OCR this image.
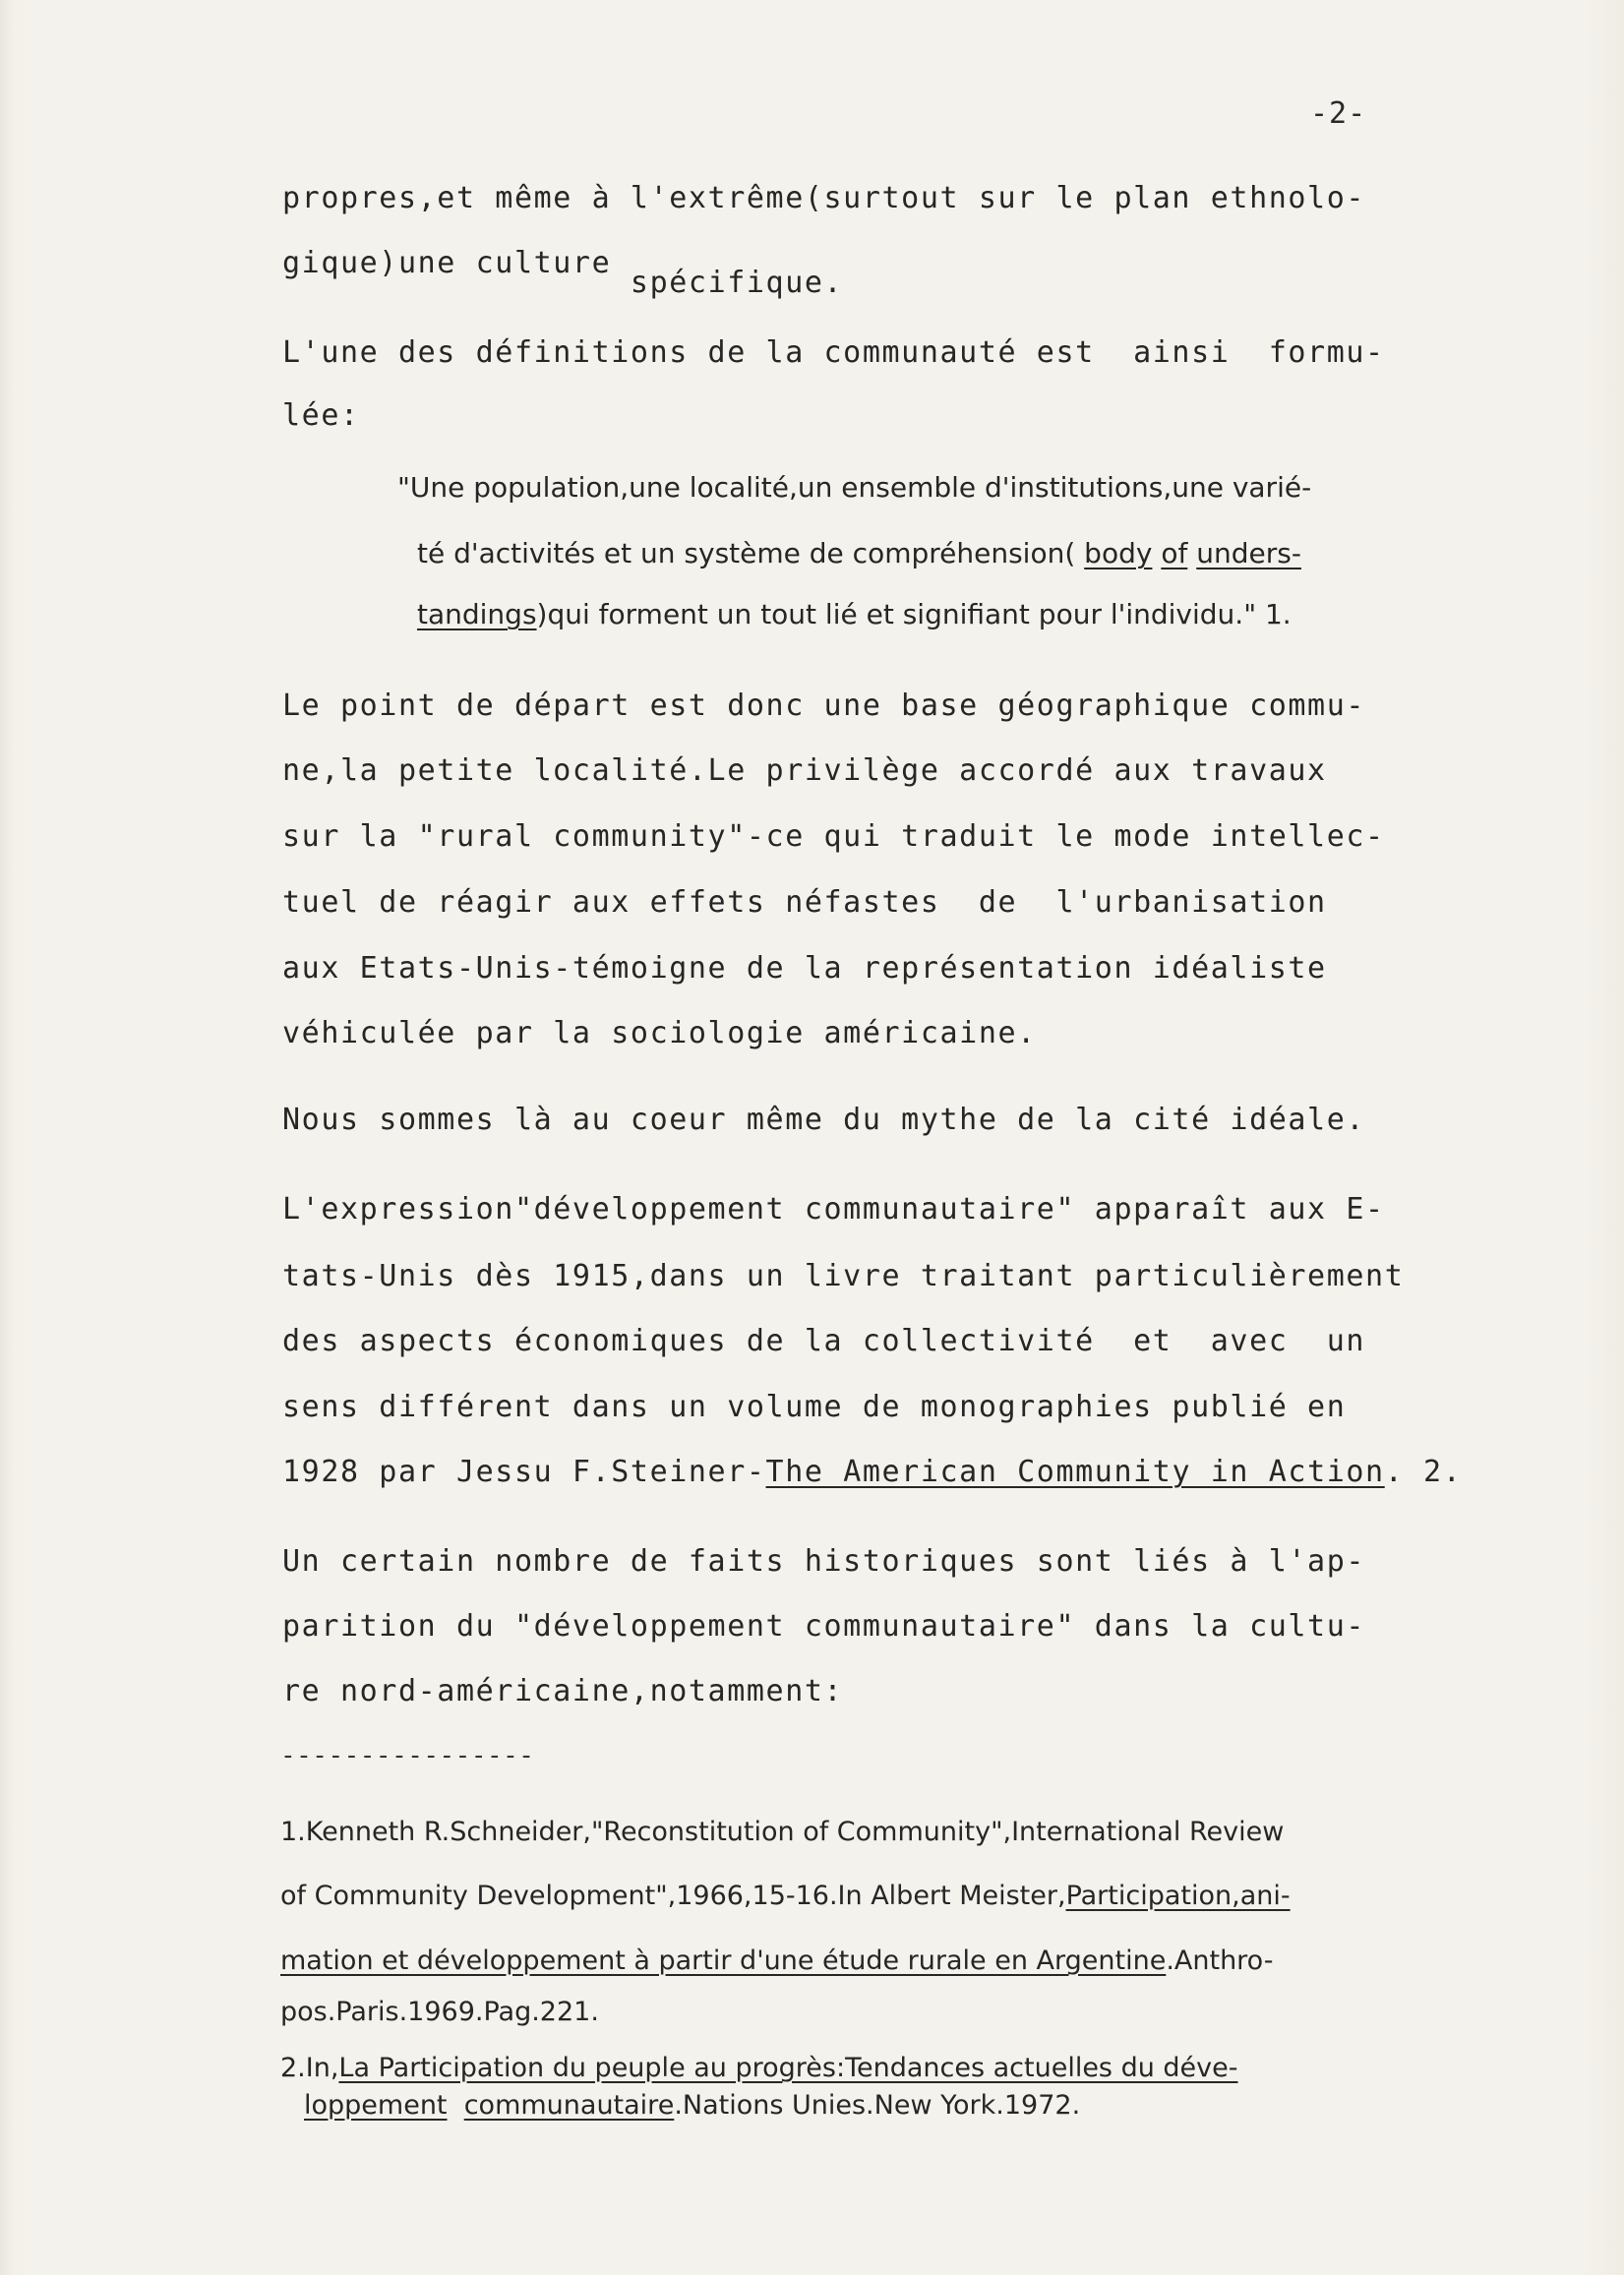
-2-
propres,et même à l'extrême(surtout sur le plan ethnolo-
gique)une culture spécifique.
L'une des définitions de la communauté est  ainsi  formu-
lée:
"Une population,une localité,un ensemble d'institutions,une varié-
té d'activités et un système de compréhension( body of unders-
tandings)qui forment un tout lié et signifiant pour l'individu." 1.
Le point de départ est donc une base géographique commu-
ne,la petite localité.Le privilège accordé aux travaux
sur la "rural community"-ce qui traduit le mode intellec-
tuel de réagir aux effets néfastes  de  l'urbanisation
aux Etats-Unis-témoigne de la représentation idéaliste
véhiculée par la sociologie américaine.
Nous sommes là au coeur même du mythe de la cité idéale.
L'expression"développement communautaire" apparaît aux E-
tats-Unis dès 1915,dans un livre traitant particulièrement
des aspects économiques de la collectivité  et  avec  un
sens différent dans un volume de monographies publié en
1928 par Jessu F.Steiner-The American Community in Action. 2.
Un certain nombre de faits historiques sont liés à l'ap-
parition du "développement communautaire" dans la cultu-
re nord-américaine,notamment:
----------------
1.Kenneth R.Schneider,"Reconstitution of Community",International Review
of Community Development",1966,15-16.In Albert Meister,Participation,ani-
mation et développement à partir d'une étude rurale en Argentine.Anthro-
pos.Paris.1969.Pag.221.
2.In,La Participation du peuple au progrès:Tendances actuelles du déve-
loppement communautaire.Nations Unies.New York.1972.
